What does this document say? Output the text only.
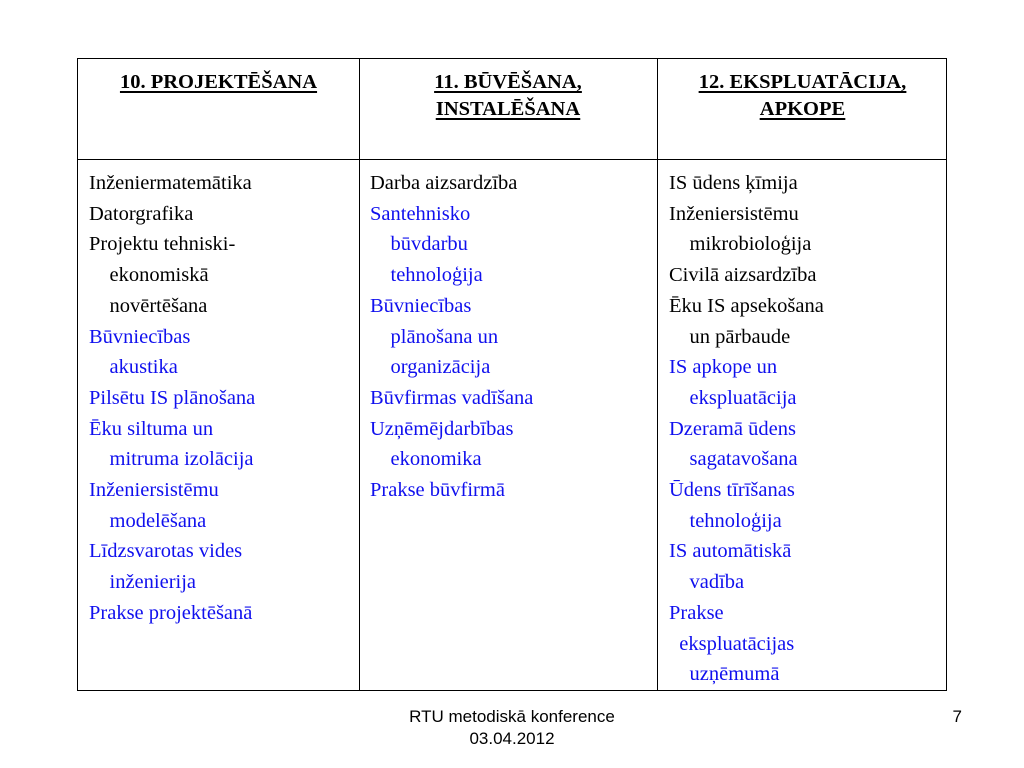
10. PROJEKTĒŠANA	11. BŪVĒŠANA,
INSTALĒŠANA
12. EKSPLUATĀCIJA,
APKOPE
Inženiermatemātika
Datorgrafika
Projektu tehniski-
ekonomiskā
novērtēšana
Būvniecības
akustika
Pilsētu IS plānošana
Ēku siltuma un
mitruma izolācija
Inženiersistēmu
modelēšana
Līdzsvarotas vides
inženierija
Prakse projektēšanā
Darba aizsardzība
Santehnisko
būvdarbu
tehnoloģija
Būvniecības
plānošana un
organizācija
Būvfirmas vadīšana
Uzņēmējdarbības
ekonomika
Prakse būvfirmā
IS ūdens ķīmija
Inženiersistēmu
mikrobioloģija
Civilā aizsardzība
Ēku IS apsekošana
un pārbaude
IS apkope un
ekspluatācija
Dzeramā ūdens
sagatavošana
Ūdens tīrīšanas
tehnoloģija
IS automātiskā
vadība
Prakse
ekspluatācijas
uzņēmumā
RTU metodiskā konference
03.04.2012
7
